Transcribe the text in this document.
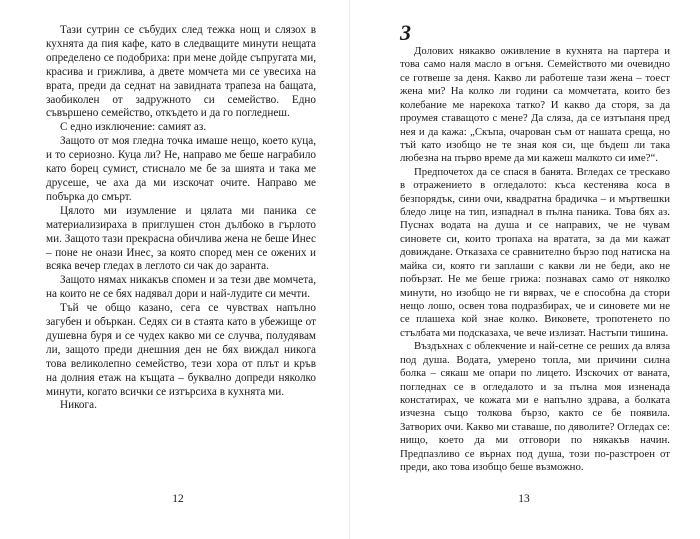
Тази сутрин се събудих след тежка нощ и слязох в кухнята да пия кафе, като в следващите минути нещата определено се подобриха: при мене дойде съпругата ми, красива и грижлива, а двете момчета ми се увесиха на врата, преди да седнат на завидната трапеза на бащата, заобиколен от задружното си семейство. Едно съвършено семейство, откъдето и да го погледнеш.

С едно изключение: самият аз.

Защото от моя гледна точка имаше нещо, което куца, и то сериозно. Куца ли? Не, направо ме беше награбило като борец сумист, стиснало ме бе за шията и така ме друсеше, че аха да ми изскочат очите. Направо ме побърка до смърт.

Цялото ми изумление и цялата ми паника се материализираха в приглушен стон дълбоко в гърлото ми. Защото тази прекрасна обичлива жена не беше Инес – поне не онази Инес, за която според мен се ожених и всяка вечер гледах в леглото си чак до заранта.

Защото нямах никакъв спомен и за тези две момчета, на които не се бях надявал дори и най-лудите си мечти.

Тъй че общо казано, сега се чувствах напълно загубен и объркан. Седях си в стаята като в убежище от душевна буря и се чудех какво ми се случва, полудявам ли, защото преди днешния ден не бях виждал никога това великолепно семейство, тези хора от плът и кръв на долния етаж на къщата – буквално допреди няколко минути, когато всички се изтърсиха в кухнята ми.

Никога.

12
3

Долових някакво оживление в кухнята на партера и това само наля масло в огъня. Семейството ми очевидно се готвеше за деня. Какво ли работеше тази жена – тоест жена ми? На колко ли години са момчетата, които без колебание ме нарекоха татко? И какво да сторя, за да проумея ставащото с мене? Да сляза, да се изтъпаня пред нея и да кажа: „Скъпа, очарован съм от нашата среща, но тъй като изобщо не те зная коя си, ще бъдеш ли така любезна на първо време да ми кажеш малкото си име?“.

Предпочетох да се спася в банята. Вгледах се трескаво в отражението в огледалото: къса кестенява коса в безпорядък, сини очи, квадратна брадичка – и мъртвешки бледо лице на тип, изпаднал в пълна паника. Това бях аз. Пуснах водата на душа и се направих, че не чувам синовете си, които тропаха на вратата, за да ми кажат довиждане. Отказаха се сравнително бързо под натиска на майка си, която ги заплаши с какви ли не беди, ако не побързат. Не ме беше грижа: познавах само от няколко минути, но изобщо не ги вярвах, че е способна да стори нещо лошо, освен това подразбирах, че и синовете ми не се плашеха кой знае колко. Виковете, тропотенето по стълбата ми подсказаха, че вече излизат. Настъпи тишина.

Въздъхнах с облекчение и най-сетне се реших да вляза под душа. Водата, умерено топла, ми причини силна болка – сякаш ме опари по лицето. Изскочих от ваната, погледнах се в огледалото и за пълна моя изненада констатирах, че кожата ми е напълно здрава, а болката изчезна също толкова бързо, както се бе появила. Затворих очи. Какво ми ставаше, по дяволите? Огледах се: нищо, което да ми отговори по някакъв начин. Предпазливо се върнах под душа, този по-разстроен от преди, ако това изобщо беше възможно.

13
